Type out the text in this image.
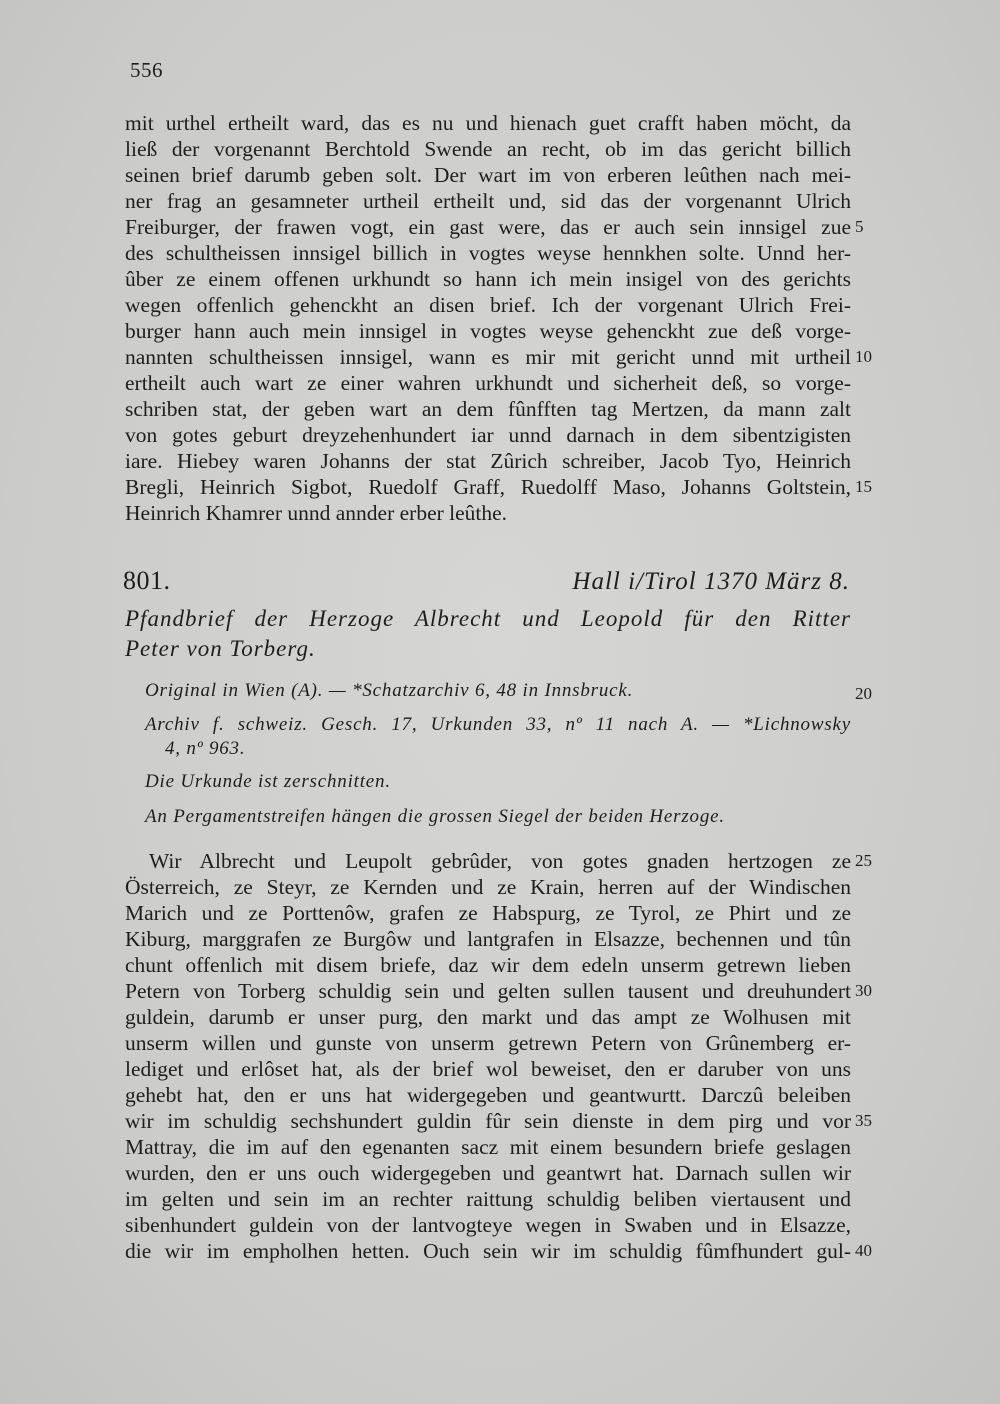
556
mit urthel ertheilt ward, das es nu und hienach guet crafft haben möcht, da
ließ der vorgenannt Berchtold Swende an recht, ob im das gericht billich
seinen brief darumb geben solt. Der wart im von erberen leûthen nach mei-
ner frag an gesamneter urtheil ertheilt und, sid das der vorgenannt Ulrich
Freiburger, der frawen vogt, ein gast were, das er auch sein innsigel zue
des schultheissen innsigel billich in vogtes weyse hennkhen solte. Unnd her-
ûber ze einem offenen urkhundt so hann ich mein insigel von des gerichts
wegen offenlich gehenckht an disen brief. Ich der vorgenant Ulrich Frei-
burger hann auch mein innsigel in vogtes weyse gehenckht zue deß vorge-
nannten schultheissen innsigel, wann es mir mit gericht unnd mit urtheil
ertheilt auch wart ze einer wahren urkhundt und sicherheit deß, so vorge-
schriben stat, der geben wart an dem fûnfften tag Mertzen, da mann zalt
von gotes geburt dreyzehenhundert iar unnd darnach in dem sibentzigisten
iare. Hiebey waren Johanns der stat Zûrich schreiber, Jacob Tyo, Heinrich
Bregli, Heinrich Sigbot, Ruedolf Graff, Ruedolff Maso, Johanns Goltstein,
Heinrich Khamrer unnd annder erber leûthe.
5
10
15
801.	Hall i/Tirol 1370 März 8.
Pfandbrief der Herzoge Albrecht und Leopold für den Ritter
Peter von Torberg.
Original in Wien (A). — *Schatzarchiv 6, 48 in Innsbruck.	20
Archiv f. schweiz. Gesch. 17, Urkunden 33, nº 11 nach A. — *Lichnowsky
4, nº 963.
Die Urkunde ist zerschnitten.
An Pergamentstreifen hängen die grossen Siegel der beiden Herzoge.
Wir Albrecht und Leupolt gebrûder, von gotes gnaden hertzogen ze
Österreich, ze Steyr, ze Kernden und ze Krain, herren auf der Windischen
Marich und ze Porttenôw, grafen ze Habspurg, ze Tyrol, ze Phirt und ze
Kiburg, marggrafen ze Burgôw und lantgrafen in Elsazze, bechennen und tûn
chunt offenlich mit disem briefe, daz wir dem edeln unserm getrewn lieben
Petern von Torberg schuldig sein und gelten sullen tausent und dreuhundert
guldein, darumb er unser purg, den markt und das ampt ze Wolhusen mit
unserm willen und gunste von unserm getrewn Petern von Grûnemberg er-
lediget und erlôset hat, als der brief wol beweiset, den er daruber von uns
gehebt hat, den er uns hat widergegeben und geantwurtt. Darczû beleiben
wir im schuldig sechshundert guldin fûr sein dienste in dem pirg und vor
Mattray, die im auf den egenanten sacz mit einem besundern briefe geslagen
wurden, den er uns ouch widergegeben und geantwrt hat. Darnach sullen wir
im gelten und sein im an rechter raittung schuldig beliben viertausent und
sibenhundert guldein von der lantvogteye wegen in Swaben und in Elsazze,
die wir im empholhen hetten. Ouch sein wir im schuldig fûmfhundert gul-
25
30
35
40
